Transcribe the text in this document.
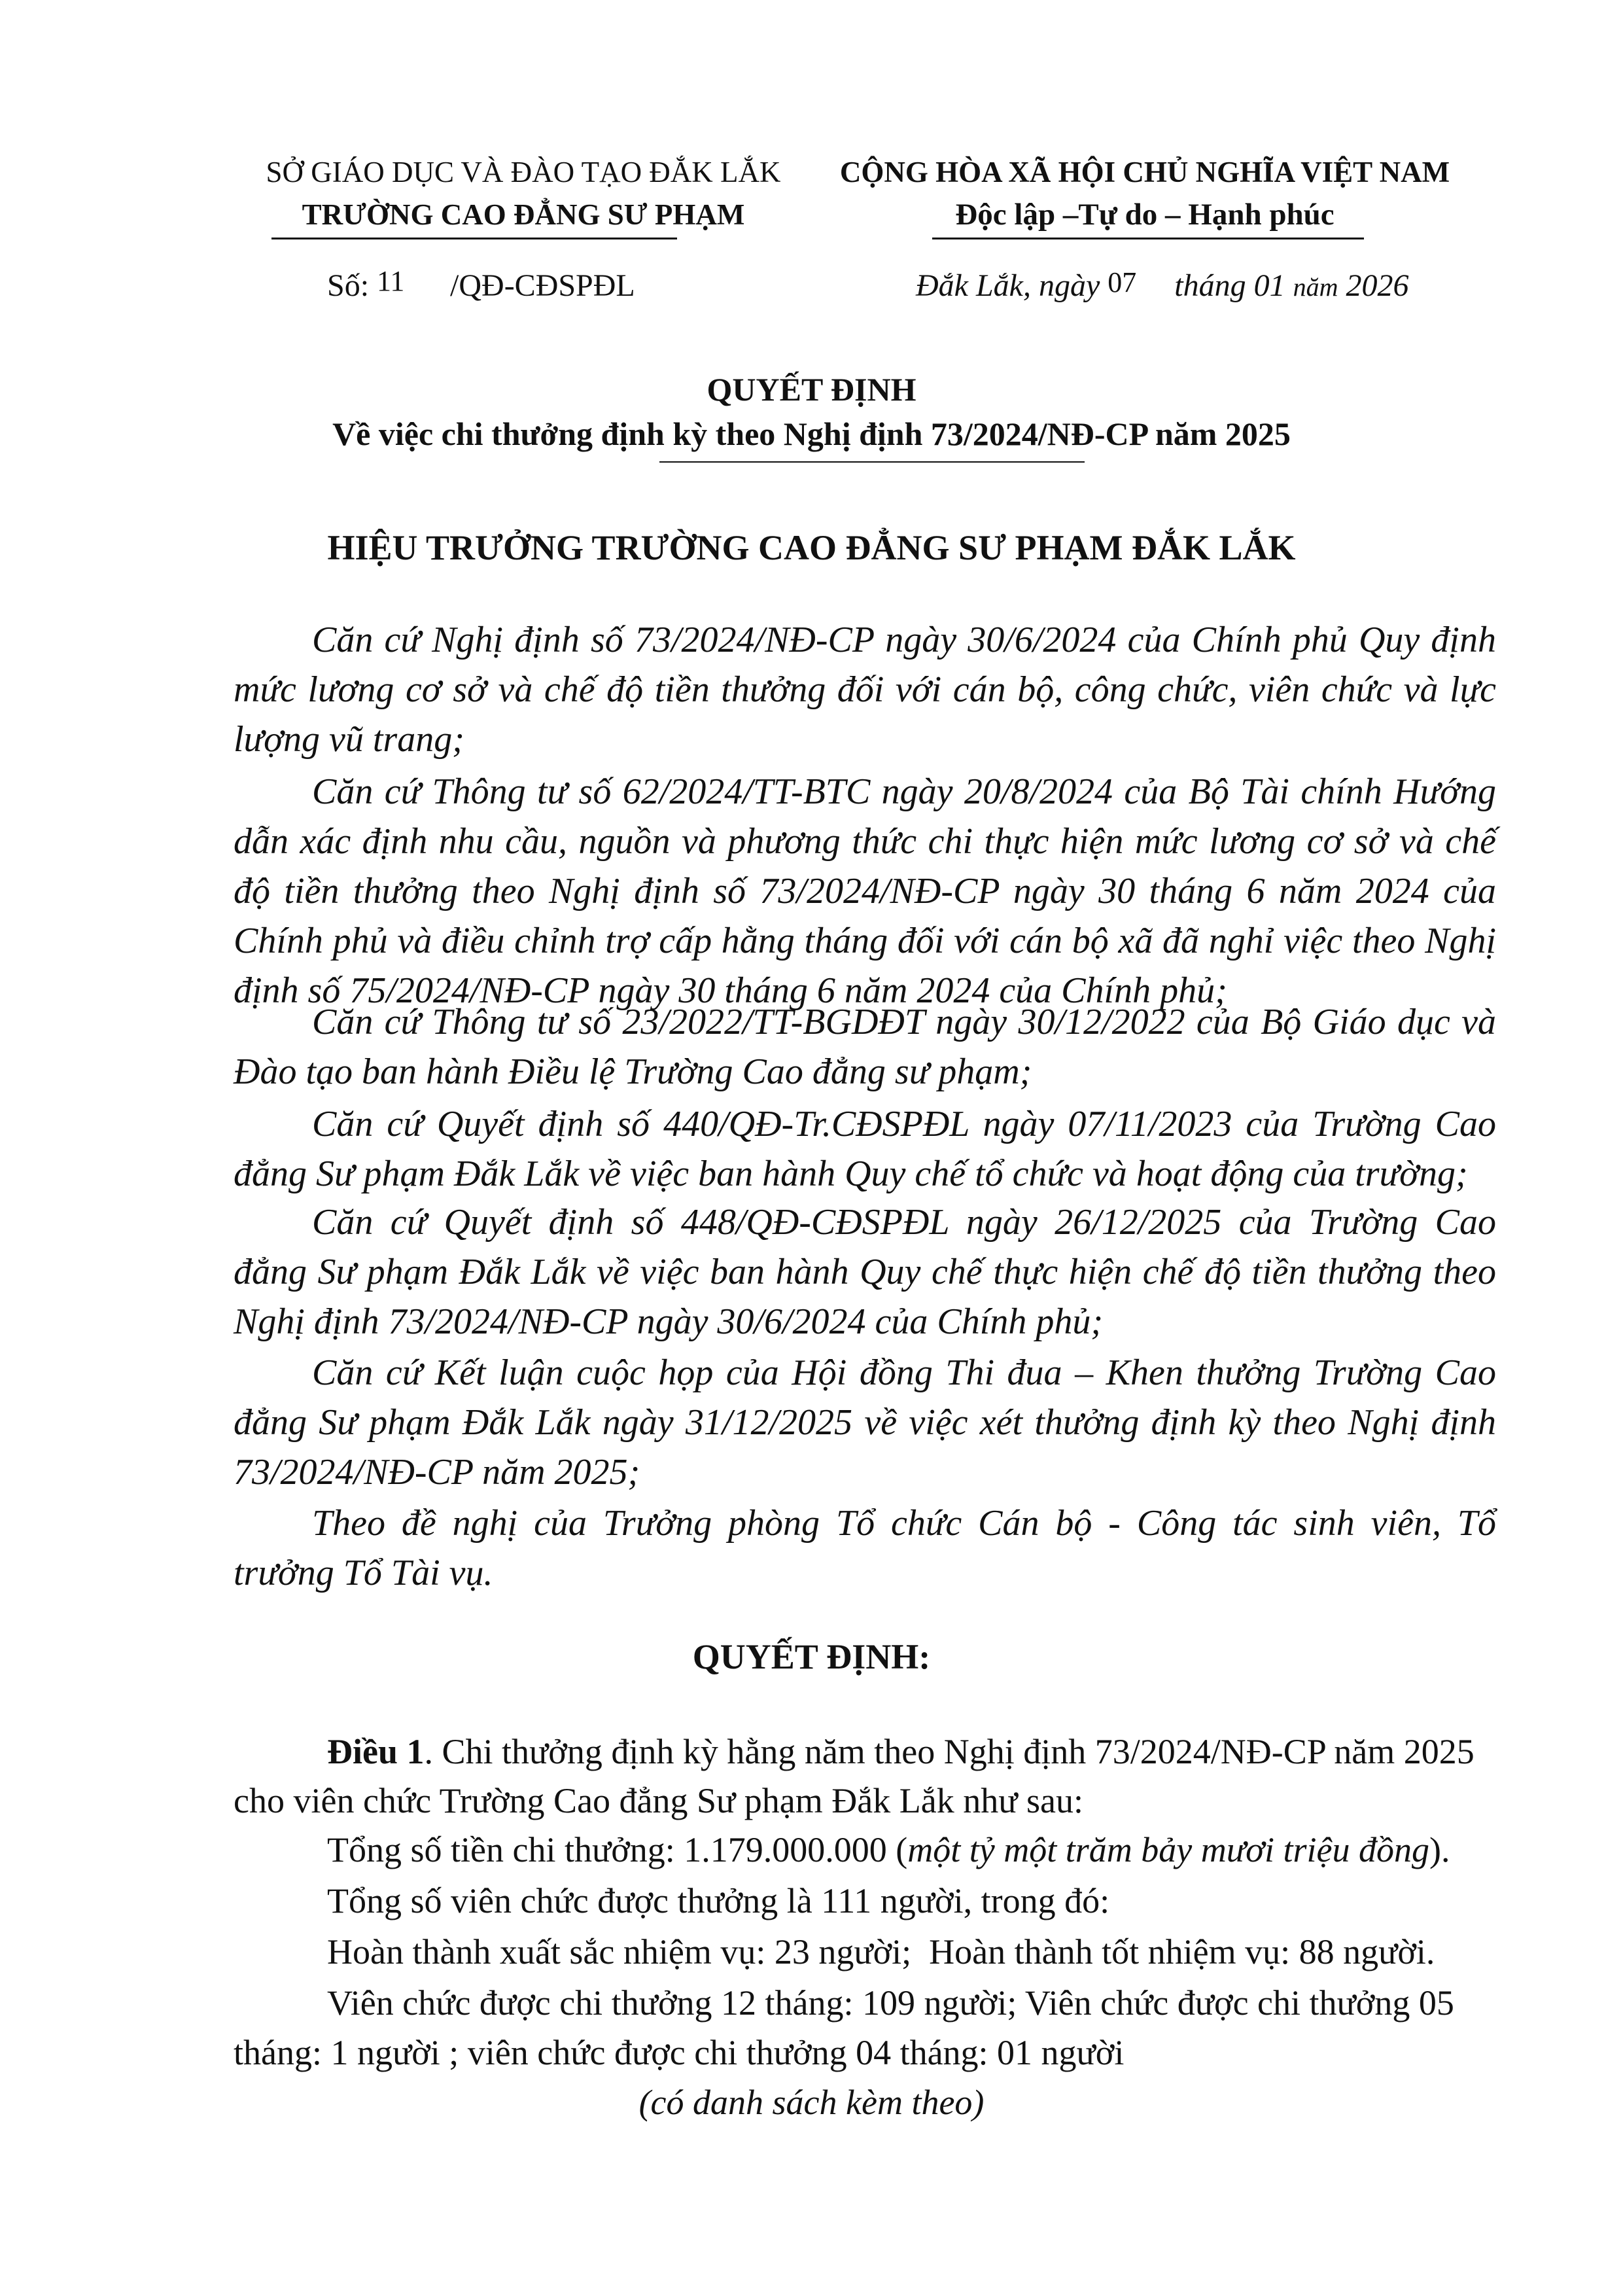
SỞ GIÁO DỤC VÀ ĐÀO TẠO ĐẮK LẮK
TRƯỜNG CAO ĐẲNG SƯ PHẠM
CỘNG HÒA XÃ HỘI CHỦ NGHĨA VIỆT NAM
Độc lập –Tự do – Hạnh phúc
Số: 11 /QĐ-CĐSPĐL	Đắk Lắk, ngày 07 tháng 01 năm 2026
QUYẾT ĐỊNH
Về việc chi thưởng định kỳ theo Nghị định 73/2024/NĐ-CP năm 2025
HIỆU TRƯỞNG TRƯỜNG CAO ĐẲNG SƯ PHẠM ĐẮK LẮK
Căn cứ Nghị định số 73/2024/NĐ-CP ngày 30/6/2024 của Chính phủ Quy định mức lương cơ sở và chế độ tiền thưởng đối với cán bộ, công chức, viên chức và lực lượng vũ trang;
Căn cứ Thông tư số 62/2024/TT-BTC ngày 20/8/2024 của Bộ Tài chính Hướng dẫn xác định nhu cầu, nguồn và phương thức chi thực hiện mức lương cơ sở và chế độ tiền thưởng theo Nghị định số 73/2024/NĐ-CP ngày 30 tháng 6 năm 2024 của Chính phủ và điều chỉnh trợ cấp hằng tháng đối với cán bộ xã đã nghỉ việc theo Nghị định số 75/2024/NĐ-CP ngày 30 tháng 6 năm 2024 của Chính phủ;
Căn cứ Thông tư số 23/2022/TT-BGDĐT ngày 30/12/2022 của Bộ Giáo dục và Đào tạo ban hành Điều lệ Trường Cao đẳng sư phạm;
Căn cứ Quyết định số 440/QĐ-Tr.CĐSPĐL ngày 07/11/2023 của Trường Cao đẳng Sư phạm Đắk Lắk về việc ban hành Quy chế tổ chức và hoạt động của trường;
Căn cứ Quyết định số 448/QĐ-CĐSPĐL ngày 26/12/2025 của Trường Cao đẳng Sư phạm Đắk Lắk về việc ban hành Quy chế thực hiện chế độ tiền thưởng theo Nghị định 73/2024/NĐ-CP ngày 30/6/2024 của Chính phủ;
Căn cứ Kết luận cuộc họp của Hội đồng Thi đua – Khen thưởng Trường Cao đẳng Sư phạm Đắk Lắk ngày 31/12/2025 về việc xét thưởng định kỳ theo Nghị định 73/2024/NĐ-CP năm 2025;
Theo đề nghị của Trưởng phòng Tổ chức Cán bộ - Công tác sinh viên, Tổ trưởng Tổ Tài vụ.
QUYẾT ĐỊNH:
Điều 1. Chi thưởng định kỳ hằng năm theo Nghị định 73/2024/NĐ-CP năm 2025
cho viên chức Trường Cao đẳng Sư phạm Đắk Lắk như sau:
Tổng số tiền chi thưởng: 1.179.000.000 (một tỷ một trăm bảy mươi triệu đồng).
Tổng số viên chức được thưởng là 111 người, trong đó:
Hoàn thành xuất sắc nhiệm vụ: 23 người;  Hoàn thành tốt nhiệm vụ: 88 người.
Viên chức được chi thưởng 12 tháng: 109 người; Viên chức được chi thưởng 05
tháng: 1 người ; viên chức được chi thưởng 04 tháng: 01 người
(có danh sách kèm theo)
